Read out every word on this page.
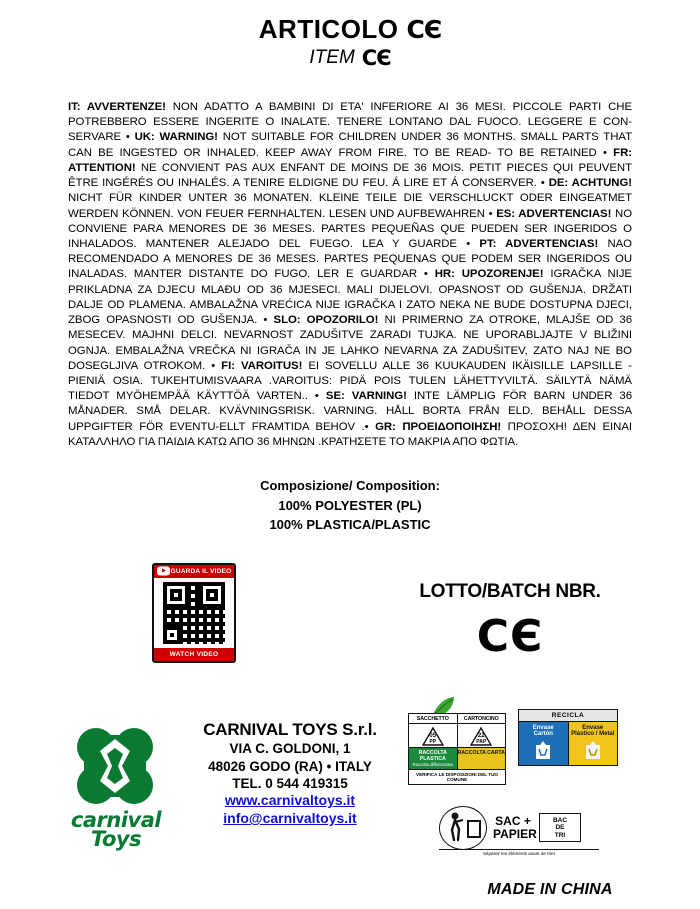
ARTICOLO CЄ
ITEM CЄ
IT: AVVERTENZE! NON ADATTO A BAMBINI DI ETA' INFERIORE AI 36 MESI. PICCOLE PARTI CHE POTREBBERO ESSERE INGERITE O INALATE. TENERE LONTANO DAL FUOCO. LEGGERE E CON-SERVARE • UK: WARNING! NOT SUITABLE FOR CHILDREN UNDER 36 MONTHS. SMALL PARTS THAT CAN BE INGESTED OR INHALED. KEEP AWAY FROM FIRE. TO BE READ- TO BE RETAINED • FR: ATTENTION! NE CONVIENT PAS AUX ENFANT DE MOINS DE 36 MOIS. PETIT PIECES QUI PEUVENT ÊTRE INGÉRÉS OU INHALÉS. A TENIRE ELDIGNE DU FEU. Á LIRE ET Á CONSERVER. • DE: ACHTUNG! NICHT FÜR KINDER UNTER 36 MONATEN. KLEINE TEILE DIE VERSCHLUCKT ODER EINGEATMET WERDEN KÖNNEN. VON FEUER FERNHALTEN. LESEN UND AUFBEWAHREN • ES: ADVERTENCIAS! NO CONVIENE PARA MENORES DE 36 MESES. PARTES PEQUEÑAS QUE PUEDEN SER INGERIDOS O INHALADOS. MANTENER ALEJADO DEL FUEGO. LEA Y GUARDE • PT: ADVERTENCIAS! NAO RECOMENDADO A MENORES DE 36 MESES. PARTES PEQUENAS QUE PODEM SER INGERIDOS OU INALADAS. MANTER DISTANTE DO FUGO. LER E GUARDAR • HR: UPOZORENJE! IGRAČKA NIJE PRIKLADNA ZA DJECU MLAĐU OD 36 MJESECI. MALI DIJELOVI. OPASNOST OD GUŠENJA. DRŽATI DALJE OD PLAMENA. AMBALAŽNA VREĆICA NIJE IGRAČKA I ZATO NEKA NE BUDE DOSTUPNA DJECI, ZBOG OPASNOSTI OD GUŠENJA. • SLO: OPOZORILO! NI PRIMERNO ZA OTROKE, MLAJŠE OD 36 MESECEV. MAJHNI DELCI. NEVARNOST ZADUŠITVE ZARADI TUJKA. NE UPORABLJAJTE V BLIŽINI OGNJA. EMBALAŽNA VREČKA NI IGRAČA IN JE LAHKO NEVARNA ZA ZADUŠITEV, ZATO NAJ NE BO DOSEGLJIVA OTROKOM. • FI: VAROITUS! EI SOVELLU ALLE 36 KUUKAUDEN IKÄISILLE LAPSILLE - PIENIÄ OSIA. TUKEHTUMISVAARA .VAROITUS: PIDÄ POIS TULEN LÄHETTYVILTÄ. SÄILYTÄ NÄMÄ TIEDOT MYÖHEMPÄÄ KÄYTTÖÄ VARTEN.. • SE: VARNING! INTE LÄMPLIG FÖR BARN UNDER 36 MÅNADER. SMÅ DELAR. KVÄVNINGSRISK. VARNING. HÅLL BORTA FRÅN ELD. BEHÅLL DESSA UPPGIFTER FÖR EVENTU-ELLT FRAMTIDA BEHOV .• GR: ΠΡΟΕΙΔΟΠΟΙΗΣΗ! ΠΡΟΣΟΧΗ! ΔΕΝ ΕΙΝΑΙ ΚΑΤΑΛΛΗΛΟ ΓΙΑ ΠΑΙΔΙΑ ΚΑΤΩ ΑΠΟ 36 ΜΗΝΩΝ .ΚΡΑΤΗΣΕΤΕ ΤΟ ΜΑΚΡΙΑ ΑΠΟ ΦΩΤΙΑ.
Composizione/ Composition:
100% POLYESTER (PL)
100% PLASTICA/PLASTIC
GUARDA IL VIDEO
WATCH VIDEO
LOTTO/BATCH NBR.
CЄ
carnival
Toys
CARNIVAL TOYS S.r.l.
VIA C. GOLDONI, 1
48026 GODO (RA) • ITALY
TEL. 0 544 419315
www.carnivaltoys.it
info@carnivaltoys.it
SACCHETTO	CARTONCINO
05
PP
22
PAP
RACCOLTA PLASTICA
Raccolta differenziata
RACCOLTA CARTA

VERIFICA LE DISPOSIZIONI DEL TUO COMUNE
RECICLA
Envase
Cartón
Envase
Plástico / Metal
SAC +
PAPIER
BAC
DE
TRI
Séparez les éléments avant de trier
MADE IN CHINA
